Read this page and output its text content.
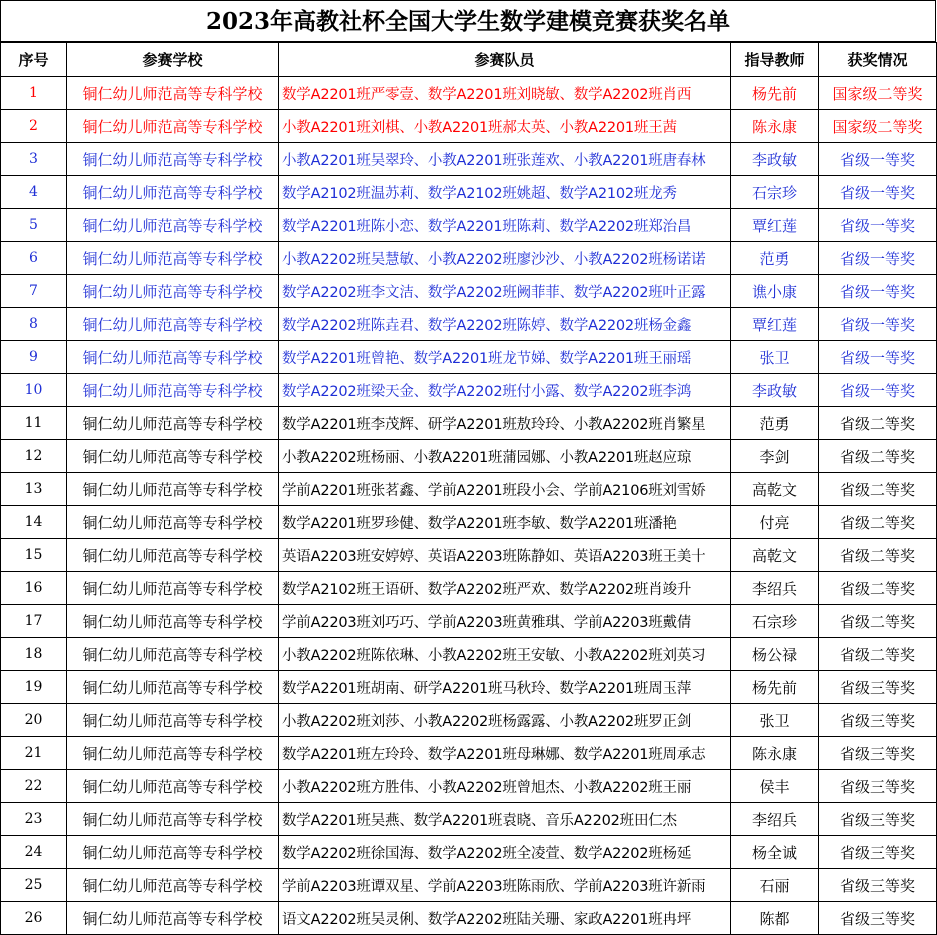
2023年高教社杯全国大学生数学建模竞赛获奖名单
序号	参赛学校	参赛队员	指导教师	获奖情况
1	铜仁幼儿师范高等专科学校	数学A2201班严零壹、数学A2201班刘晓敏、数学A2202班肖西	杨先前	国家级二等奖
2	铜仁幼儿师范高等专科学校	小教A2201班刘棋、小教A2201班郝太英、小教A2201班王茜	陈永康	国家级二等奖
3	铜仁幼儿师范高等专科学校	小教A2201班吴翠玲、小教A2201班张莲欢、小教A2201班唐春林	李政敏	省级一等奖
4	铜仁幼儿师范高等专科学校	数学A2102班温苏莉、数学A2102班姚超、数学A2102班龙秀	石宗珍	省级一等奖
5	铜仁幼儿师范高等专科学校	数学A2201班陈小恋、数学A2201班陈莉、数学A2202班郑治昌	覃红莲	省级一等奖
6	铜仁幼儿师范高等专科学校	小教A2202班吴慧敏、小教A2202班廖沙沙、小教A2202班杨诺诺	范勇	省级一等奖
7	铜仁幼儿师范高等专科学校	数学A2202班李文洁、数学A2202班阙菲菲、数学A2202班叶正露	谯小康	省级一等奖
8	铜仁幼儿师范高等专科学校	数学A2202班陈垚君、数学A2202班陈婷、数学A2202班杨金鑫	覃红莲	省级一等奖
9	铜仁幼儿师范高等专科学校	数学A2201班曾艳、数学A2201班龙节娣、数学A2201班王丽瑶	张卫	省级一等奖
10	铜仁幼儿师范高等专科学校	数学A2202班梁天金、数学A2202班付小露、数学A2202班李鸿	李政敏	省级一等奖
11	铜仁幼儿师范高等专科学校	数学A2201班李茂辉、研学A2201班敖玲玲、小教A2202班肖繁星	范勇	省级二等奖
12	铜仁幼儿师范高等专科学校	小教A2202班杨丽、小教A2201班蒲园娜、小教A2201班赵应琼	李剑	省级二等奖
13	铜仁幼儿师范高等专科学校	学前A2201班张茗鑫、学前A2201班段小会、学前A2106班刘雪娇	高乾文	省级二等奖
14	铜仁幼儿师范高等专科学校	数学A2201班罗珍健、数学A2201班李敏、数学A2201班潘艳	付亮	省级二等奖
15	铜仁幼儿师范高等专科学校	英语A2203班安婷婷、英语A2203班陈静如、英语A2203班王美十	高乾文	省级二等奖
16	铜仁幼儿师范高等专科学校	数学A2102班王语研、数学A2202班严欢、数学A2202班肖竣升	李绍兵	省级二等奖
17	铜仁幼儿师范高等专科学校	学前A2203班刘巧巧、学前A2203班黄雅琪、学前A2203班戴倩	石宗珍	省级二等奖
18	铜仁幼儿师范高等专科学校	小教A2202班陈依琳、小教A2202班王安敏、小教A2202班刘英习	杨公禄	省级二等奖
19	铜仁幼儿师范高等专科学校	数学A2201班胡南、研学A2201班马秋玲、数学A2201班周玉萍	杨先前	省级三等奖
20	铜仁幼儿师范高等专科学校	小教A2202班刘莎、小教A2202班杨露露、小教A2202班罗正剑	张卫	省级三等奖
21	铜仁幼儿师范高等专科学校	数学A2201班左玲玲、数学A2201班母琳娜、数学A2201班周承志	陈永康	省级三等奖
22	铜仁幼儿师范高等专科学校	小教A2202班方胜伟、小教A2202班曾旭杰、小教A2202班王丽	侯丰	省级三等奖
23	铜仁幼儿师范高等专科学校	数学A2201班吴燕、数学A2201班袁晓、音乐A2202班田仁杰	李绍兵	省级三等奖
24	铜仁幼儿师范高等专科学校	数学A2202班徐国海、数学A2202班全凌萱、数学A2202班杨延	杨全诚	省级三等奖
25	铜仁幼儿师范高等专科学校	学前A2203班谭双星、学前A2203班陈雨欣、学前A2203班许新雨	石丽	省级三等奖
26	铜仁幼儿师范高等专科学校	语文A2202班吴灵俐、数学A2202班陆关珊、家政A2201班冉坪	陈都	省级三等奖
